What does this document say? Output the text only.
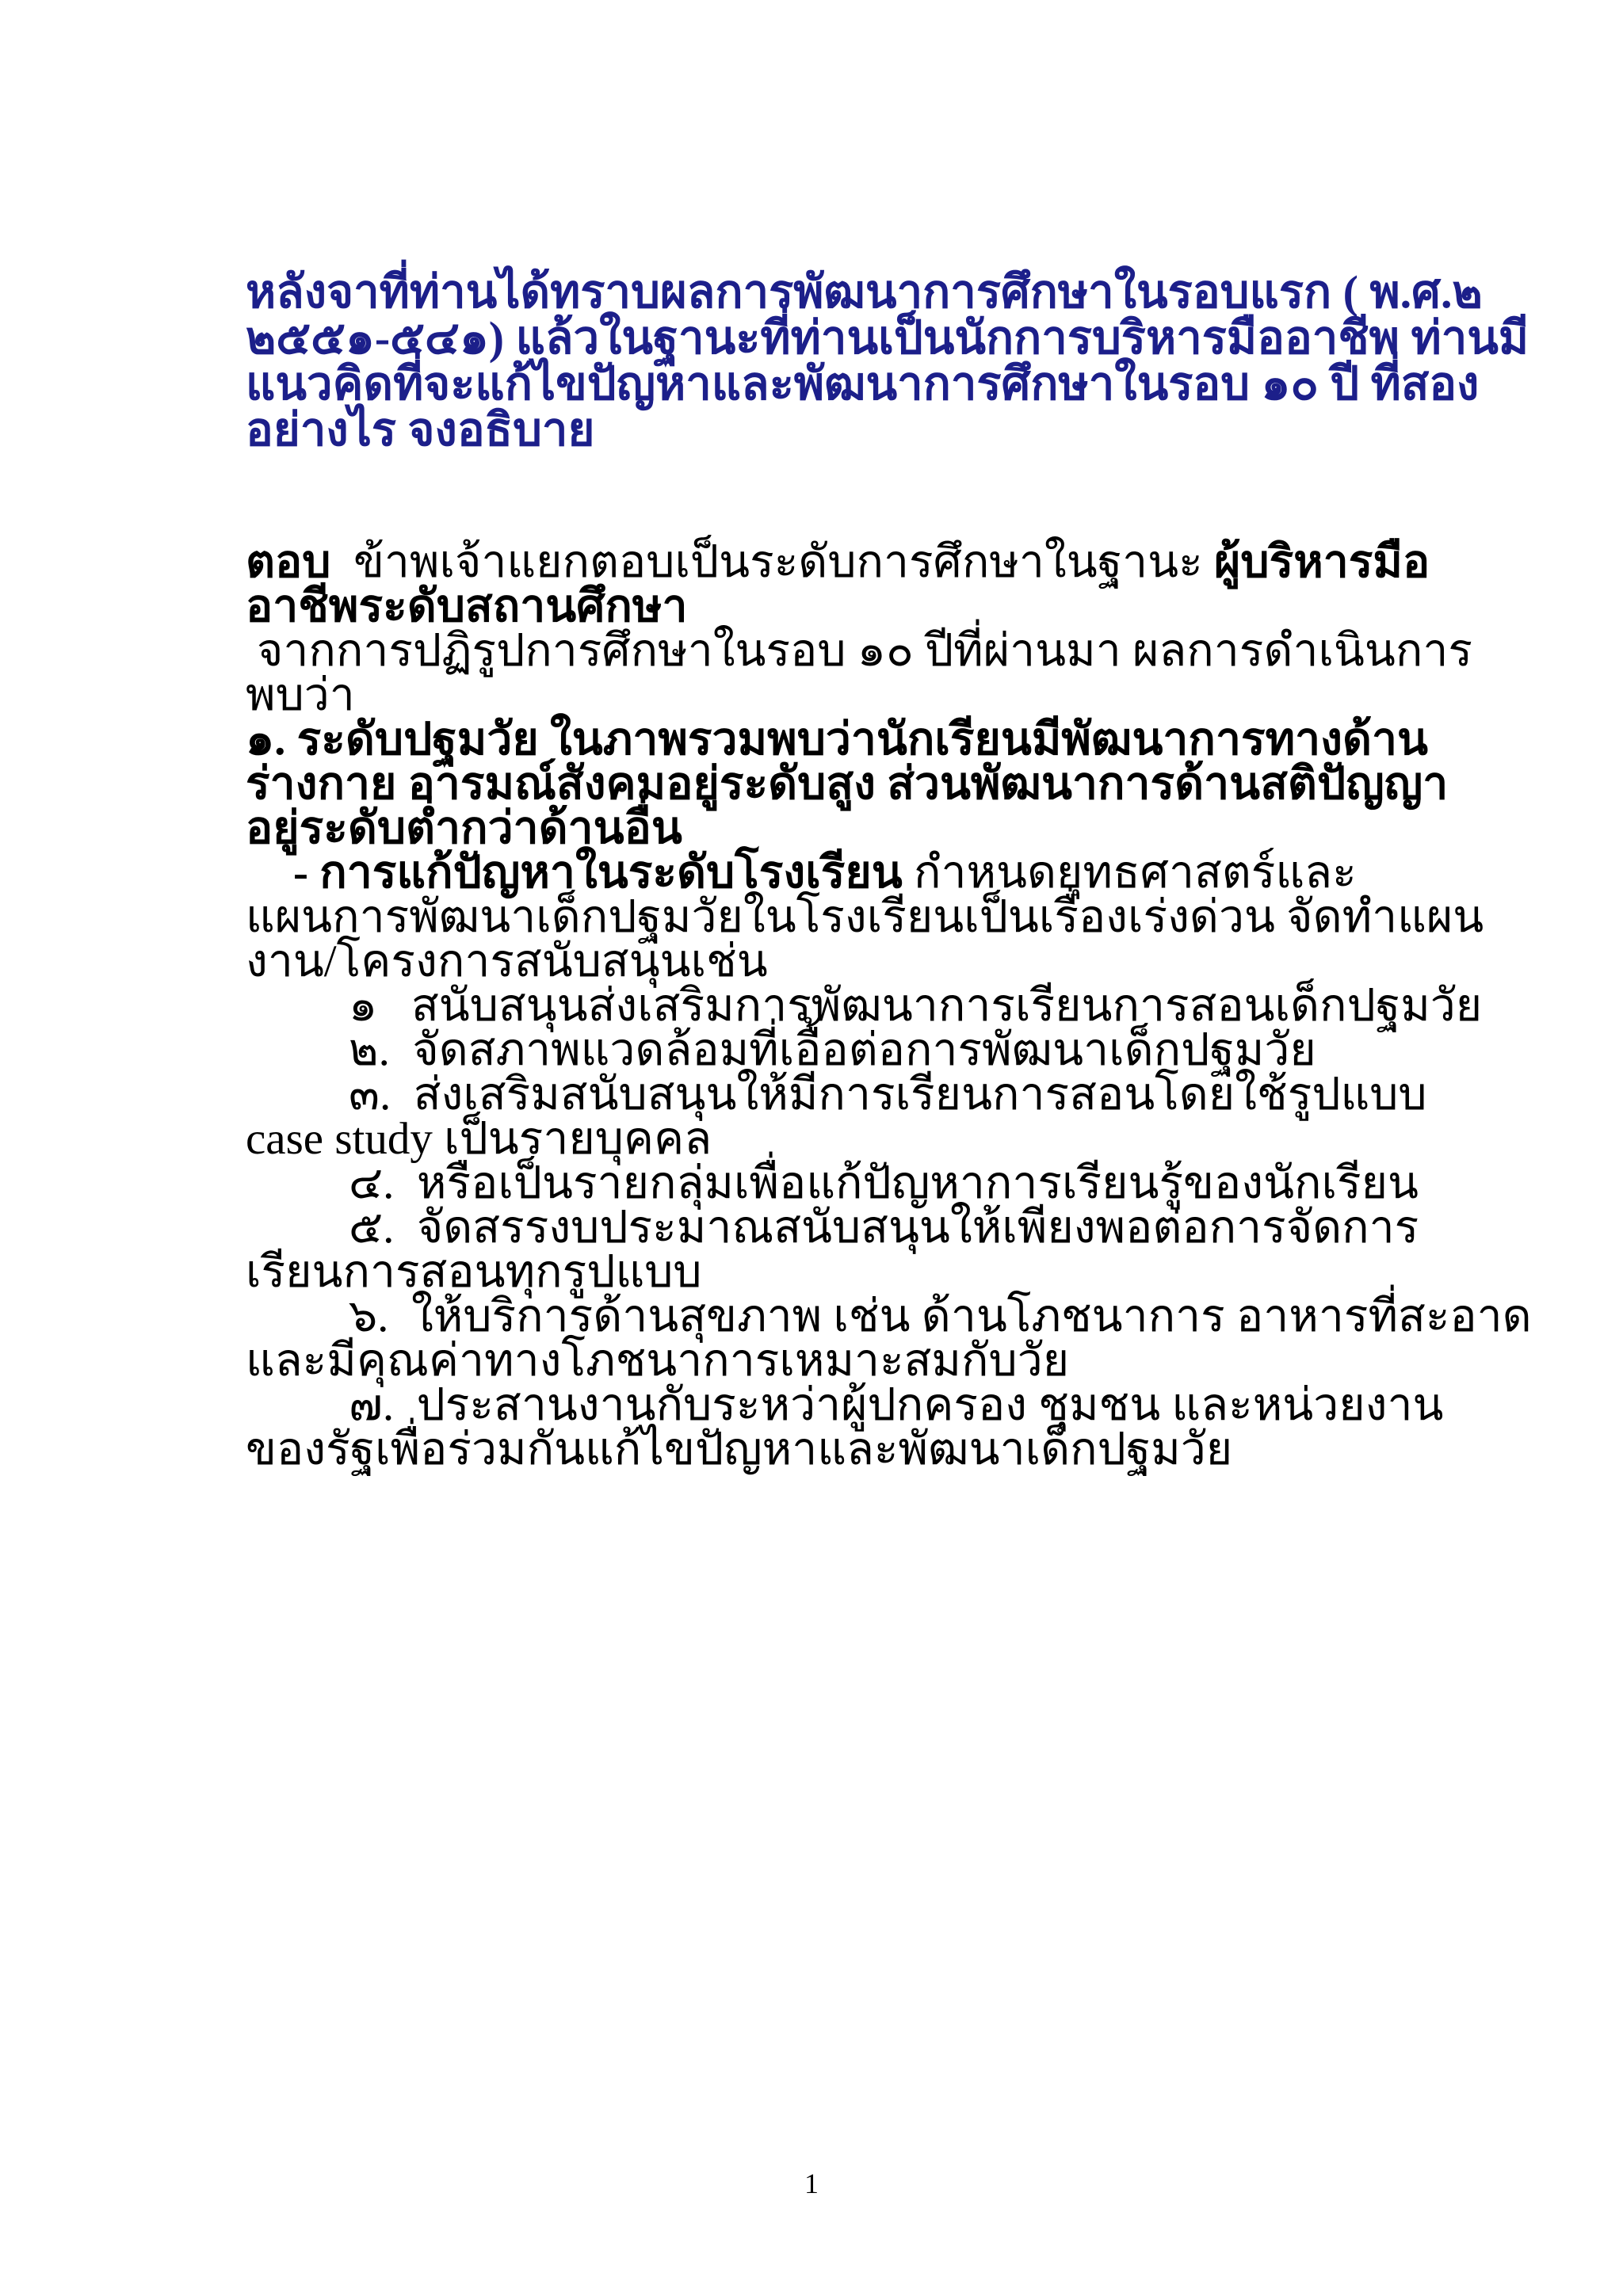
หลังจาที่ท่านได้ทราบผลการพัฒนาการศึกษาในรอบแรก ( พ.ศ.๒
๒๕๕๑-๕๔๑) แล้วในฐานะที่ท่านเป็นนักการบริหารมืออาชีพ ท่านมี
แนวคิดที่จะแก้ไขปัญหาและพัฒนาการศึกษาในรอบ ๑๐ ปี ที่สอง
อย่างไร จงอธิบาย
ตอบ ข้าพเจ้าแยกตอบเป็นระดับการศึกษาในฐานะ ผู้บริหารมือ
อาชีพระดับสถานศึกษา
จากการปฏิรูปการศึกษาในรอบ ๑๐ ปีที่ผ่านมา ผลการดำเนินการ
พบว่า
๑. ระดับปฐมวัย ในภาพรวมพบว่านักเรียนมีพัฒนาการทางด้าน
ร่างกาย อารมณ์สังคมอยู่ระดับสูง ส่วนพัฒนาการด้านสติปัญญา
อยู่ระดับต่ำกว่าด้านอื่น
- การแก้ปัญหาในระดับโรงเรียน กำหนดยุทธศาสตร์และ
แผนการพัฒนาเด็กปฐมวัยในโรงเรียนเป็นเรื่องเร่งด่วน จัดทำแผน
งาน/โครงการสนับสนุนเช่น
๑ สนับสนุนส่งเสริมการพัฒนาการเรียนการสอนเด็กปฐมวัย
๒. จัดสภาพแวดล้อมที่เอื้อต่อการพัฒนาเด็กปฐมวัย
๓. ส่งเสริมสนับสนุนให้มีการเรียนการสอนโดยใช้รูปแบบ
case study เป็นรายบุคคล
๔. หรือเป็นรายกลุ่มเพื่อแก้ปัญหาการเรียนรู้ของนักเรียน
๕. จัดสรรงบประมาณสนับสนุนให้เพียงพอต่อการจัดการ
เรียนการสอนทุกรูปแบบ
๖. ให้บริการด้านสุขภาพ เช่น ด้านโภชนาการ อาหารที่สะอาด
และมีคุณค่าทางโภชนาการเหมาะสมกับวัย
๗. ประสานงานกับระหว่าผู้ปกครอง ชุมชน และหน่วยงาน
ของรัฐเพื่อร่วมกันแก้ไขปัญหาและพัฒนาเด็กปฐมวัย
1
